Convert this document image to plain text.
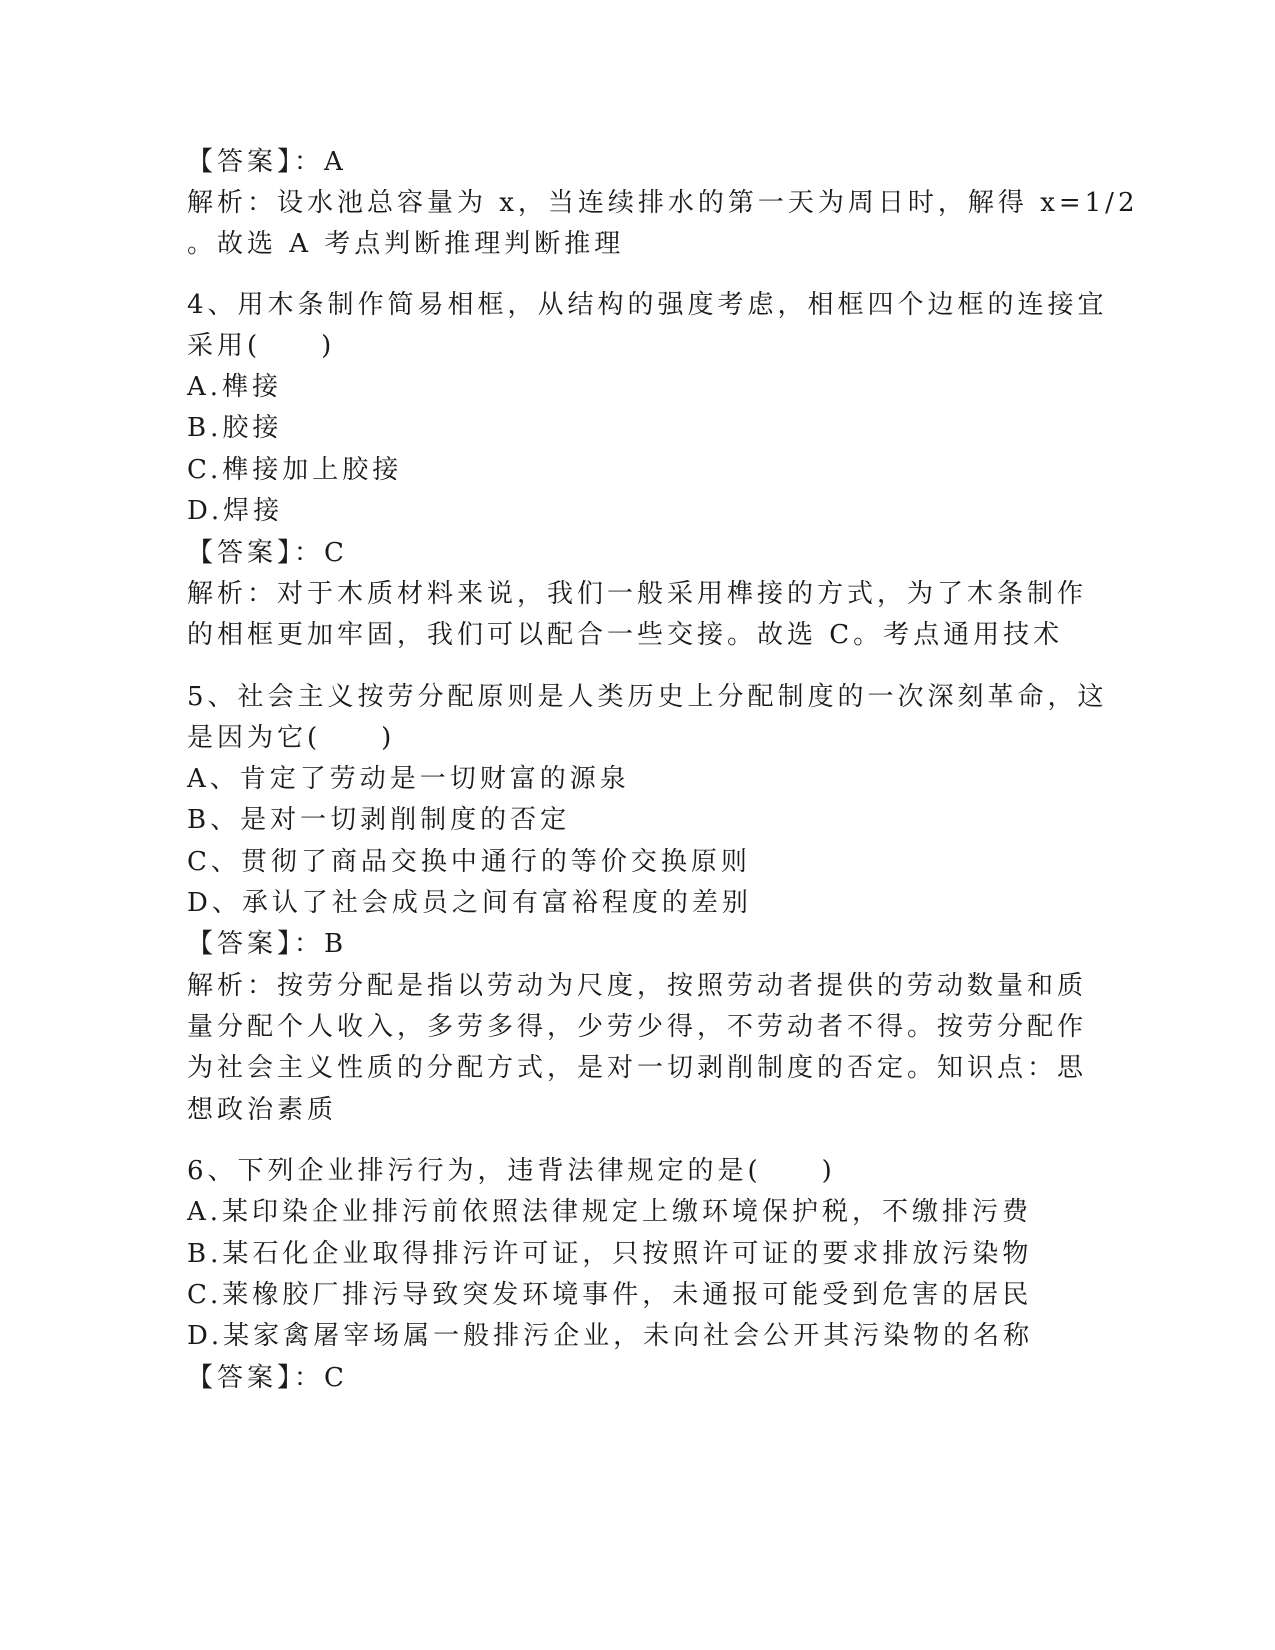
【答案】：A
解析：设水池总容量为 x，当连续排水的第一天为周日时，解得 x=1/2
。故选 A 考点判断推理判断推理
4、用木条制作简易相框，从结构的强度考虑，相框四个边框的连接宜
采用(　　)
A.榫接
B.胶接
C.榫接加上胶接
D.焊接
【答案】：C
解析：对于木质材料来说，我们一般采用榫接的方式，为了木条制作
的相框更加牢固，我们可以配合一些交接。故选 C。考点通用技术
5、社会主义按劳分配原则是人类历史上分配制度的一次深刻革命，这
是因为它(　　)
A、肯定了劳动是一切财富的源泉
B、是对一切剥削制度的否定
C、贯彻了商品交换中通行的等价交换原则
D、承认了社会成员之间有富裕程度的差别
【答案】：B
解析：按劳分配是指以劳动为尺度，按照劳动者提供的劳动数量和质
量分配个人收入，多劳多得，少劳少得，不劳动者不得。按劳分配作
为社会主义性质的分配方式，是对一切剥削制度的否定。知识点：思
想政治素质
6、下列企业排污行为，违背法律规定的是(　　)
A.某印染企业排污前依照法律规定上缴环境保护税，不缴排污费
B.某石化企业取得排污许可证，只按照许可证的要求排放污染物
C.莱橡胶厂排污导致突发环境事件，未通报可能受到危害的居民
D.某家禽屠宰场属一般排污企业，未向社会公开其污染物的名称
【答案】：C
